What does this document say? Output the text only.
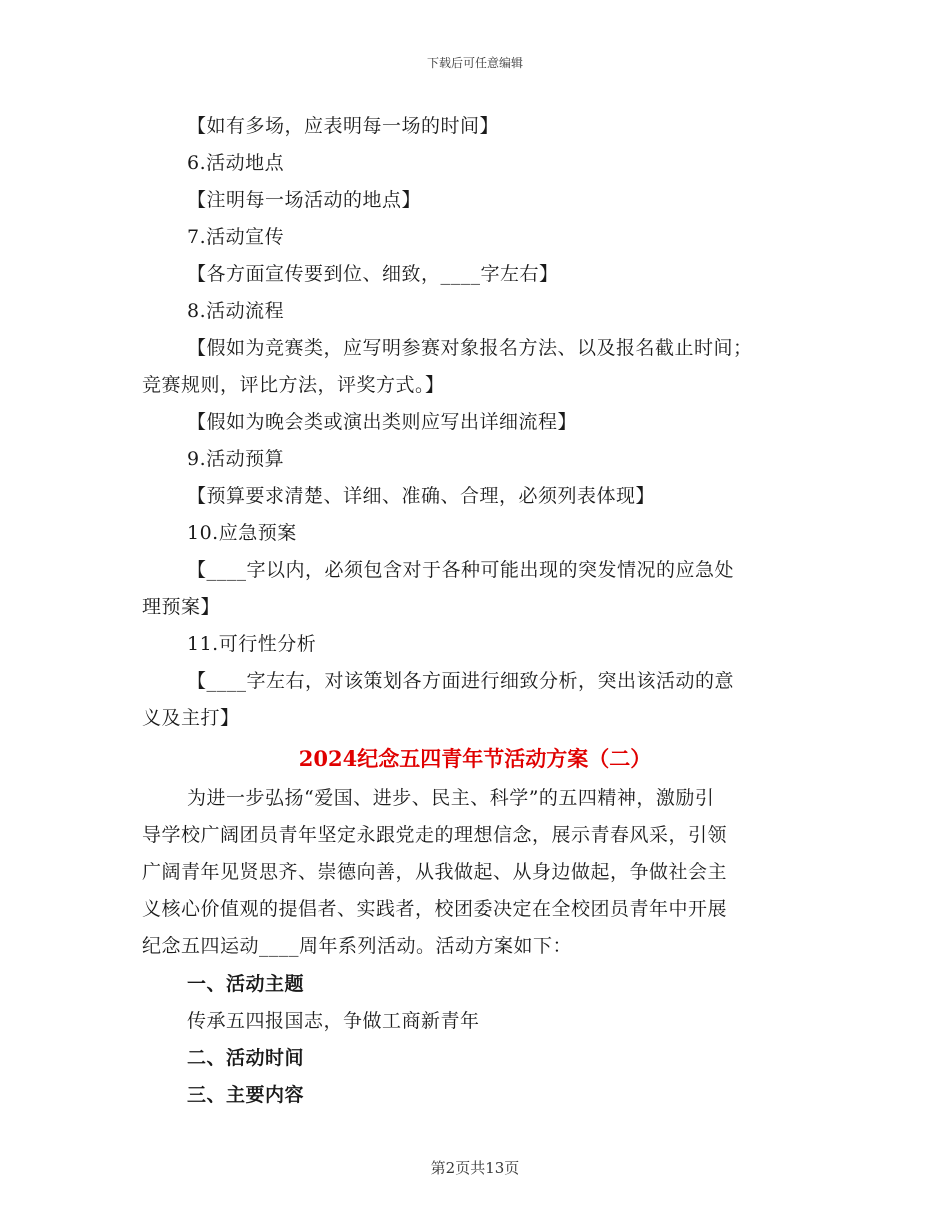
下载后可任意编辑
【如有多场，应表明每一场的时间】
6.活动地点
【注明每一场活动的地点】
7.活动宣传
【各方面宣传要到位、细致，____字左右】
8.活动流程
【假如为竞赛类，应写明参赛对象报名方法、以及报名截止时间；
竞赛规则，评比方法，评奖方式。】
【假如为晚会类或演出类则应写出详细流程】
9.活动预算
【预算要求清楚、详细、准确、合理，必须列表体现】
10.应急预案
【____字以内，必须包含对于各种可能出现的突发情况的应急处
理预案】
11.可行性分析
【____字左右，对该策划各方面进行细致分析，突出该活动的意
义及主打】
2024纪念五四青年节活动方案（二）
为进一步弘扬“爱国、进步、民主、科学”的五四精神，激励引
导学校广阔团员青年坚定永跟党走的理想信念，展示青春风采，引领
广阔青年见贤思齐、崇德向善，从我做起、从身边做起，争做社会主
义核心价值观的提倡者、实践者，校团委决定在全校团员青年中开展
纪念五四运动____周年系列活动。活动方案如下：
一、活动主题
传承五四报国志，争做工商新青年
二、活动时间
三、主要内容
第2页共13页
